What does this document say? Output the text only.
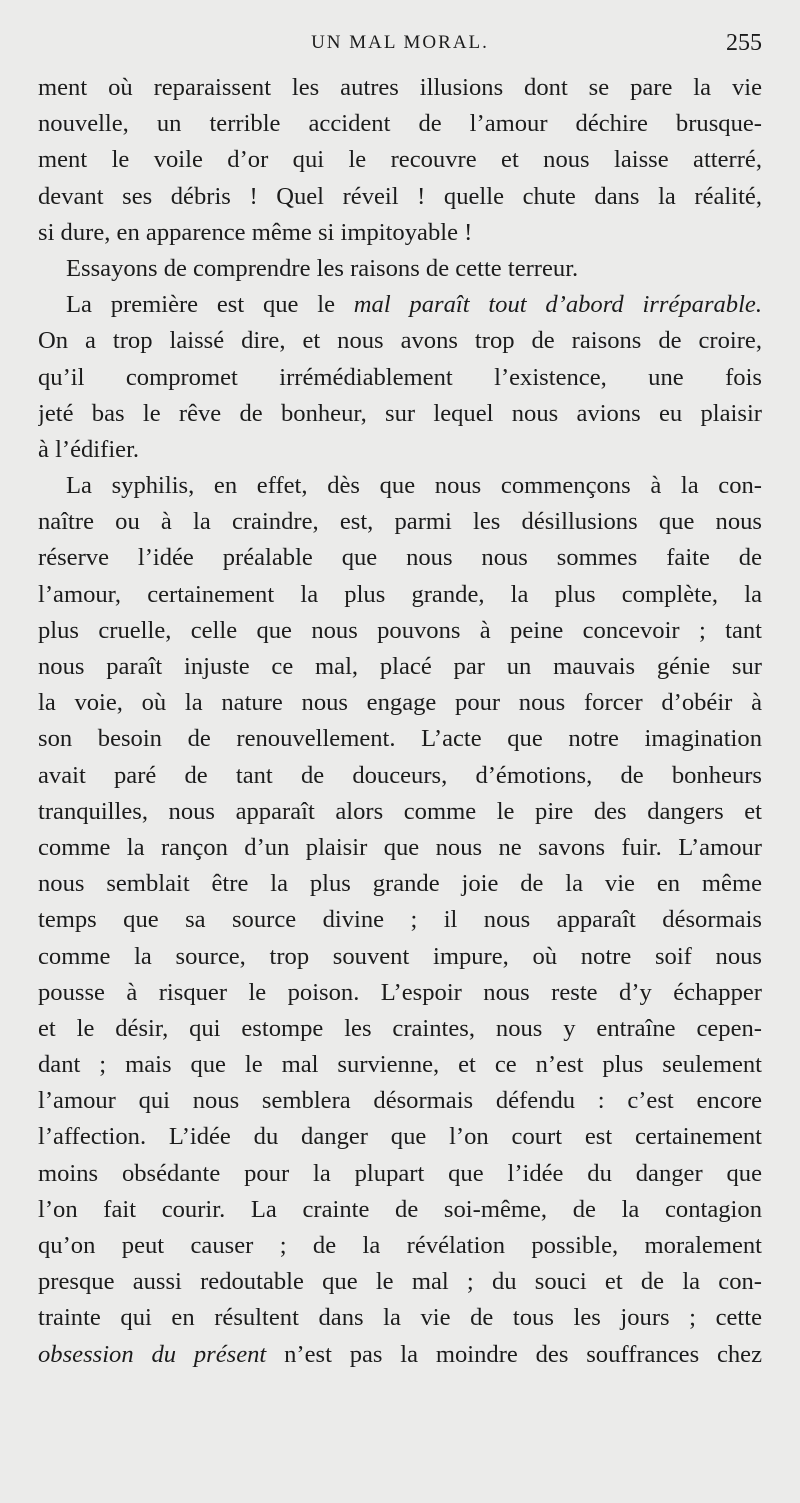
UN MAL MORAL.	255
ment où reparaissent les autres illusions dont se pare la vie
nouvelle, un terrible accident de l’amour déchire brusque-
ment le voile d’or qui le recouvre et nous laisse atterré,
devant ses débris ! Quel réveil ! quelle chute dans la réalité,
si dure, en apparence même si impitoyable !
Essayons de comprendre les raisons de cette terreur.
La première est que le mal paraît tout d’abord irréparable.
On a trop laissé dire, et nous avons trop de raisons de croire,
qu’il compromet irrémédiablement l’existence, une fois
jeté bas le rêve de bonheur, sur lequel nous avions eu plaisir
à l’édifier.
La syphilis, en effet, dès que nous commençons à la con-
naître ou à la craindre, est, parmi les désillusions que nous
réserve l’idée préalable que nous nous sommes faite de
l’amour, certainement la plus grande, la plus complète, la
plus cruelle, celle que nous pouvons à peine concevoir ; tant
nous paraît injuste ce mal, placé par un mauvais génie sur
la voie, où la nature nous engage pour nous forcer d’obéir à
son besoin de renouvellement. L’acte que notre imagination
avait paré de tant de douceurs, d’émotions, de bonheurs
tranquilles, nous apparaît alors comme le pire des dangers et
comme la rançon d’un plaisir que nous ne savons fuir. L’amour
nous semblait être la plus grande joie de la vie en même
temps que sa source divine ; il nous apparaît désormais
comme la source, trop souvent impure, où notre soif nous
pousse à risquer le poison. L’espoir nous reste d’y échapper
et le désir, qui estompe les craintes, nous y entraîne cepen-
dant ; mais que le mal survienne, et ce n’est plus seulement
l’amour qui nous semblera désormais défendu : c’est encore
l’affection. L’idée du danger que l’on court est certainement
moins obsédante pour la plupart que l’idée du danger que
l’on fait courir. La crainte de soi-même, de la contagion
qu’on peut causer ; de la révélation possible, moralement
presque aussi redoutable que le mal ; du souci et de la con-
trainte qui en résultent dans la vie de tous les jours ; cette
obsession du présent n’est pas la moindre des souffrances chez
